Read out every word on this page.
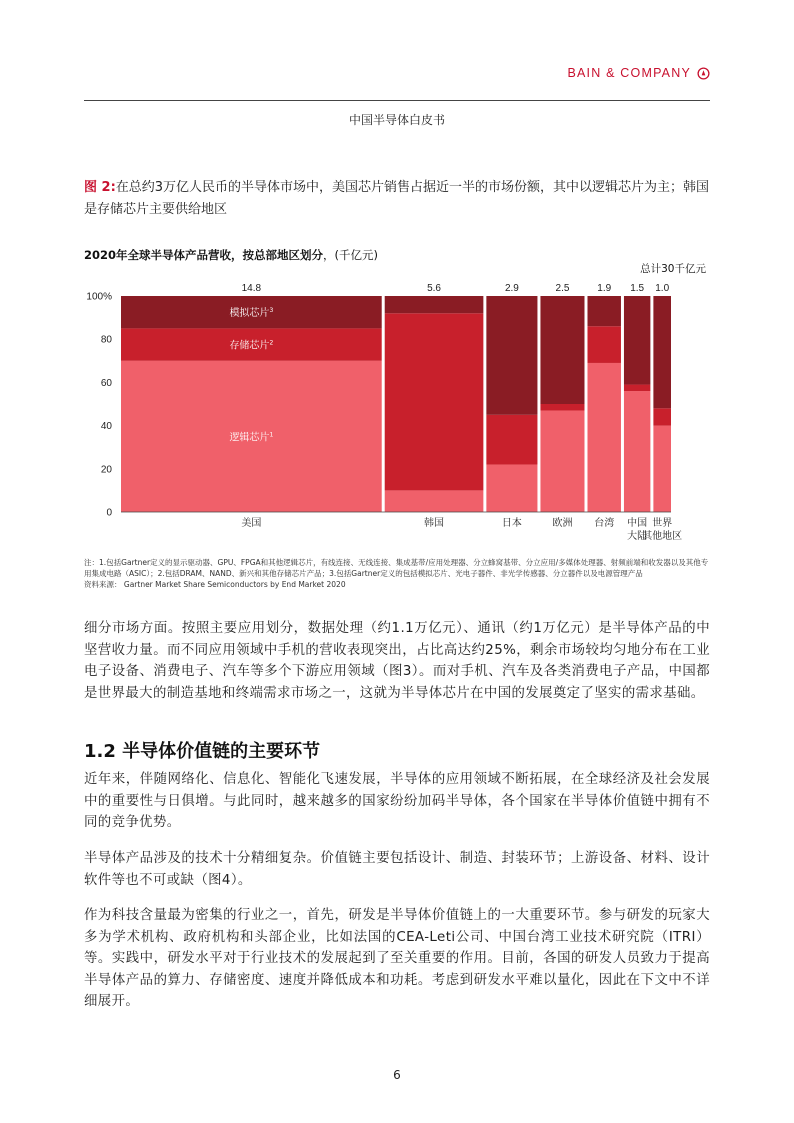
BAIN & COMPANY
中国半导体白皮书
图 2:在总约3万亿人民币的半导体市场中，美国芯片销售占据近一半的市场份额，其中以逻辑芯片为主；韩国是存储芯片主要供给地区
2020年全球半导体产品营收，按总部地区划分，(千亿元)
总计30千亿元
0
20
40
60
80
100%
14.8
美国
逻辑芯片$^1$
存储芯片$^2$
模拟芯片$^3$
5.6
韩国
2.9
日本
2.5
欧洲
1.9
台湾
1.5
中国
大陆
1.0
世界
其他地区
注：1.包括Gartner定义的显示驱动器、GPU、FPGA和其他逻辑芯片，有线连接、无线连接、集成基带/应用处理器、分立蜂窝基带、分立应用/多媒体处理器、射频前端和收发器以及其他专用集成电路（ASIC）；2.包括DRAM、NAND、新兴和其他存储芯片产品；3.包括Gartner定义的包括模拟芯片、光电子器件、非光学传感器、分立器件以及电源管理产品
资料来源： Gartner Market Share Semiconductors by End Market 2020
细分市场方面。按照主要应用划分，数据处理（约1.1万亿元）、通讯（约1万亿元）是半导体产品的中坚营收力量。而不同应用领域中手机的营收表现突出，占比高达约25%，剩余市场较均匀地分布在工业电子设备、消费电子、汽车等多个下游应用领域（图3）。而对手机、汽车及各类消费电子产品，中国都是世界最大的制造基地和终端需求市场之一，这就为半导体芯片在中国的发展奠定了坚实的需求基础。
1.2 半导体价值链的主要环节
近年来，伴随网络化、信息化、智能化飞速发展，半导体的应用领域不断拓展，在全球经济及社会发展中的重要性与日俱增。与此同时，越来越多的国家纷纷加码半导体，各个国家在半导体价值链中拥有不同的竞争优势。
半导体产品涉及的技术十分精细复杂。价值链主要包括设计、制造、封装环节；上游设备、材料、设计软件等也不可或缺（图4）。
作为科技含量最为密集的行业之一，首先，研发是半导体价值链上的一大重要环节。参与研发的玩家大多为学术机构、政府机构和头部企业，比如法国的CEA-Leti公司、中国台湾工业技术研究院（ITRI）等。实践中，研发水平对于行业技术的发展起到了至关重要的作用。目前，各国的研发人员致力于提高半导体产品的算力、存储密度、速度并降低成本和功耗。考虑到研发水平难以量化，因此在下文中不详细展开。
6
